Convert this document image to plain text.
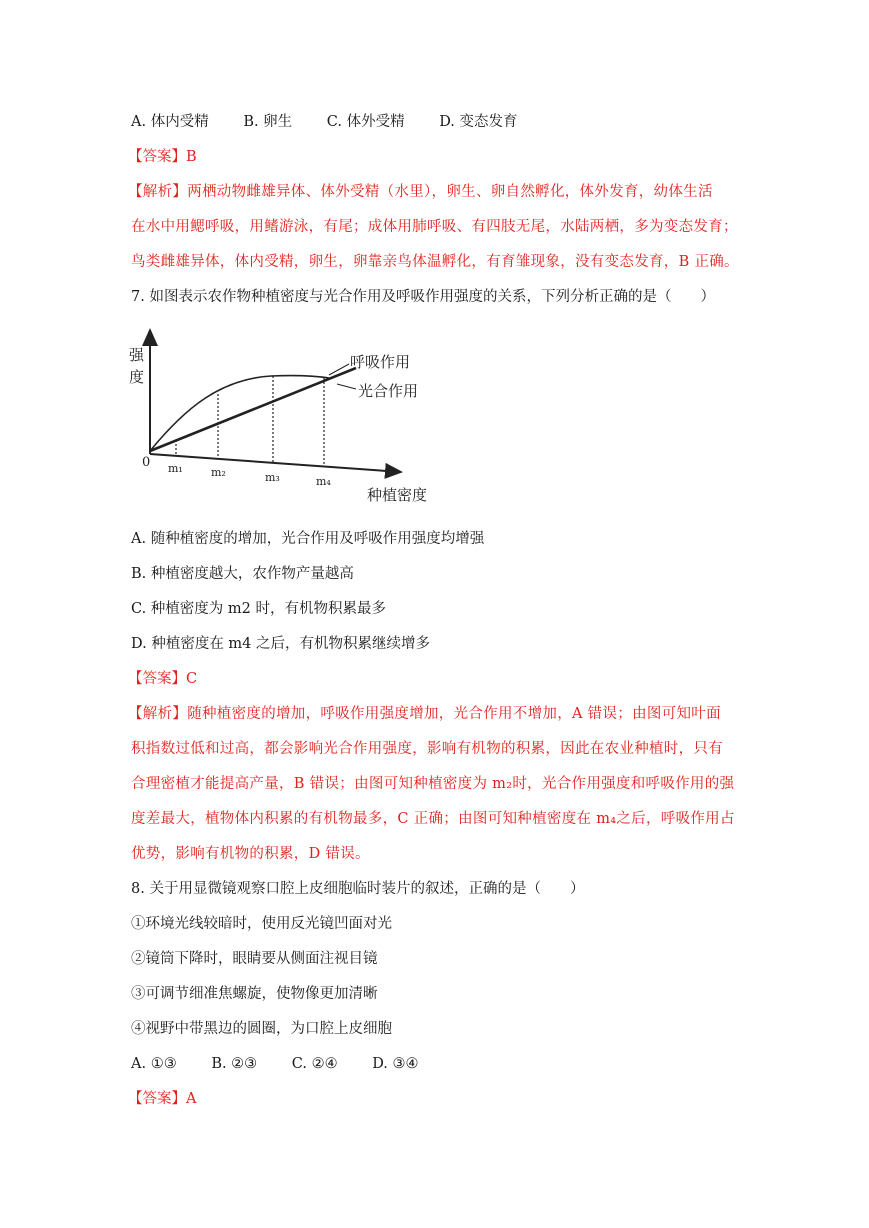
A. 体内受精 B. 卵生 C. 体外受精 D. 变态发育
【答案】B
【解析】两栖动物雌雄异体、体外受精（水里），卵生、卵自然孵化，体外发育，幼体生活
在水中用鳃呼吸，用鳍游泳，有尾；成体用肺呼吸、有四肢无尾，水陆两栖，多为变态发育；
鸟类雌雄异体，体内受精，卵生，卵靠亲鸟体温孵化，有育雏现象，没有变态发育，B 正确。
7. 如图表示农作物种植密度与光合作用及呼吸作用强度的关系，下列分析正确的是（　　）
强
度
0 m₁	m₂	m₃	m₄
种植密度
呼吸作用
光合作用
A. 随种植密度的增加，光合作用及呼吸作用强度均增强
B. 种植密度越大，农作物产量越高
C. 种植密度为 m2 时，有机物积累最多
D. 种植密度在 m4 之后，有机物积累继续增多
【答案】C
【解析】随种植密度的增加，呼吸作用强度增加，光合作用不增加，A 错误；由图可知叶面
积指数过低和过高，都会影响光合作用强度，影响有机物的积累，因此在农业种植时，只有
合理密植才能提高产量，B 错误；由图可知种植密度为 m₂时，光合作用强度和呼吸作用的强
度差最大，植物体内积累的有机物最多，C 正确；由图可知种植密度在 m₄之后，呼吸作用占
优势，影响有机物的积累，D 错误。
8. 关于用显微镜观察口腔上皮细胞临时装片的叙述，正确的是（　　）
①环境光线较暗时，使用反光镜凹面对光
②镜筒下降时，眼睛要从侧面注视目镜
③可调节细准焦螺旋，使物像更加清晰
④视野中带黑边的圆圈，为口腔上皮细胞
A. ①③ B. ②③ C. ②④ D. ③④
【答案】A
